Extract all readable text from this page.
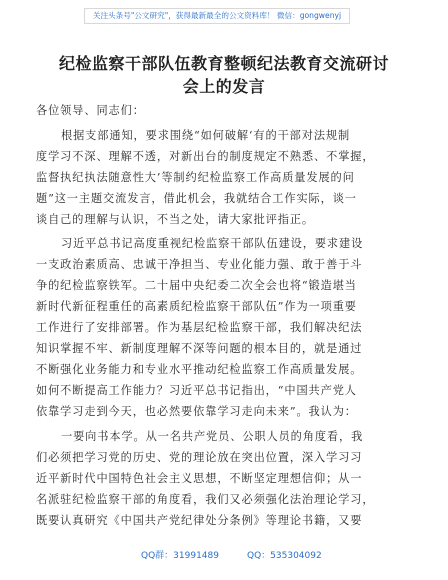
关注头条号"公文研究"，获得最新最全的公文资料库！ 微信：gongwenyj
纪检监察干部队伍教育整顿纪法教育交流研讨
会上的发言
各位领导、同志们：
根据支部通知，要求围绕“如何破解‘有的干部对法规制
度学习不深、理解不透，对新出台的制度规定不熟悉、不掌握，
监督执纪执法随意性大’等制约纪检监察工作高质量发展的问
题”这一主题交流发言，借此机会，我就结合工作实际，谈一
谈自己的理解与认识，不当之处，请大家批评指正。
习近平总书记高度重视纪检监察干部队伍建设，要求建设
一支政治素质高、忠诚干净担当、专业化能力强、敢于善于斗
争的纪检监察铁军。二十届中央纪委二次全会也将“锻造堪当
新时代新征程重任的高素质纪检监察干部队伍”作为一项重要
工作进行了安排部署。作为基层纪检监察干部，我们解决纪法
知识掌握不牢、新制度理解不深等问题的根本目的，就是通过
不断强化业务能力和专业水平推动纪检监察工作高质量发展。
如何不断提高工作能力？习近平总书记指出，“中国共产党人
依靠学习走到今天，也必然要依靠学习走向未来”。我认为：
一要向书本学。从一名共产党员、公职人员的角度看，我
们必须把学习党的历史、党的理论放在突出位置，深入学习习
近平新时代中国特色社会主义思想，不断坚定理想信仰；从一
名派驻纪检监察干部的角度看，我们又必须强化法治理论学习，
既要认真研究《中国共产党纪律处分条例》等理论书籍，又要
QQ群：31991489	QQ：535304092
